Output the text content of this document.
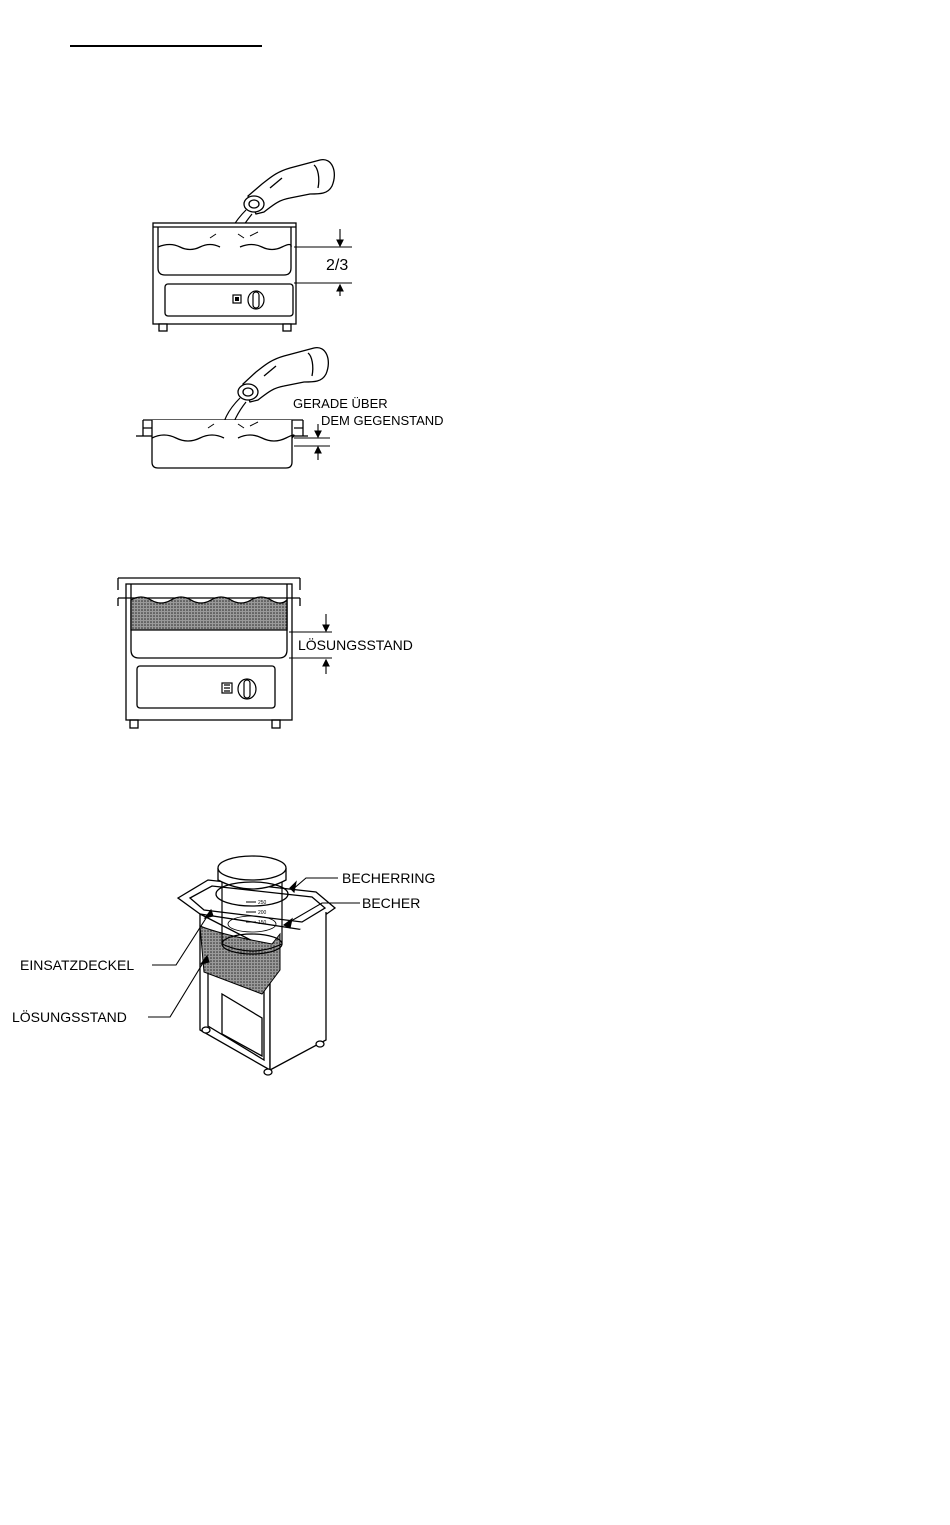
2/3
GERADE ÜBER
DEM GEGENSTAND
LÖSUNGSSTAND
250
200
150
BECHERRING
BECHER
EINSATZDECKEL
LÖSUNGSSTAND
